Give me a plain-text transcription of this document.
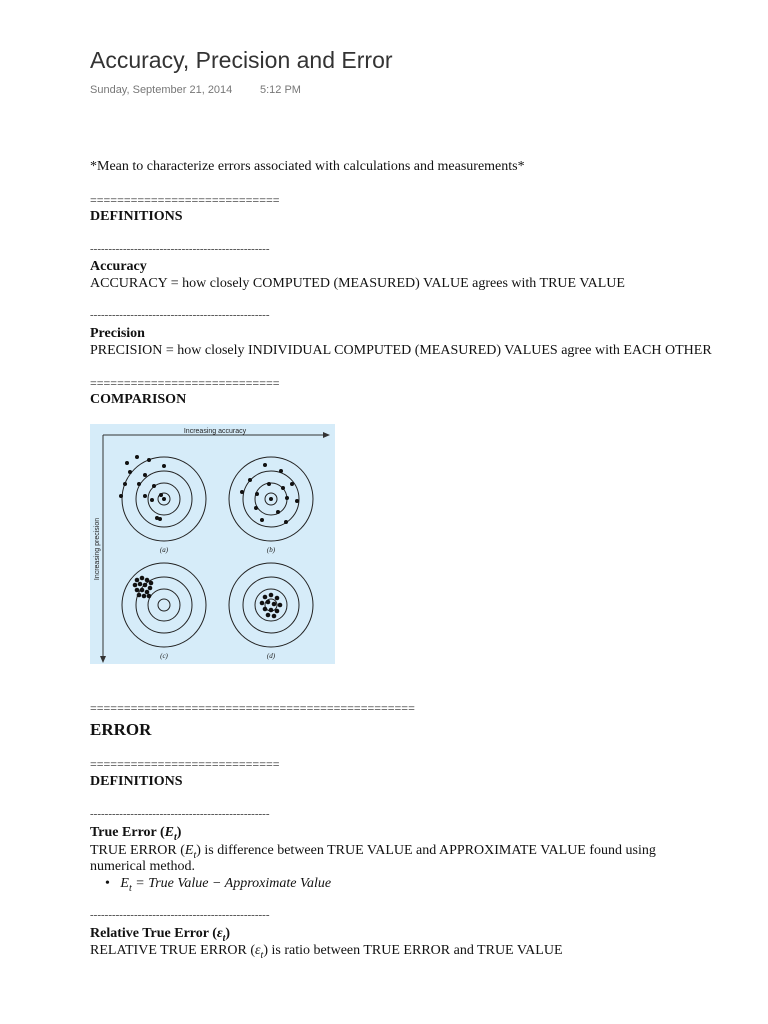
Accuracy, Precision and Error
Sunday, September 21, 2014	5:12 PM
*Mean to characterize errors associated with calculations and measurements*
============================
DEFINITIONS
-------------------------------------------------
Accuracy
ACCURACY = how closely COMPUTED (MEASURED) VALUE agrees with TRUE VALUE
-------------------------------------------------
Precision
PRECISION = how closely INDIVIDUAL COMPUTED (MEASURED) VALUES agree with EACH OTHER
============================
COMPARISON
Increasing accuracy
Increasing precision	(a)	(b)
(c)	(d)
================================================
ERROR
============================
DEFINITIONS
-------------------------------------------------
True Error $(E_t)$
TRUE ERROR $(E_t)$ is difference between TRUE VALUE and APPROXIMATE VALUE found using
numerical method.
• $E_t$ = True Value − Approximate Value
-------------------------------------------------
Relative True Error $(\varepsilon_t)$
RELATIVE TRUE ERROR $(\varepsilon_t)$ is ratio between TRUE ERROR and TRUE VALUE
